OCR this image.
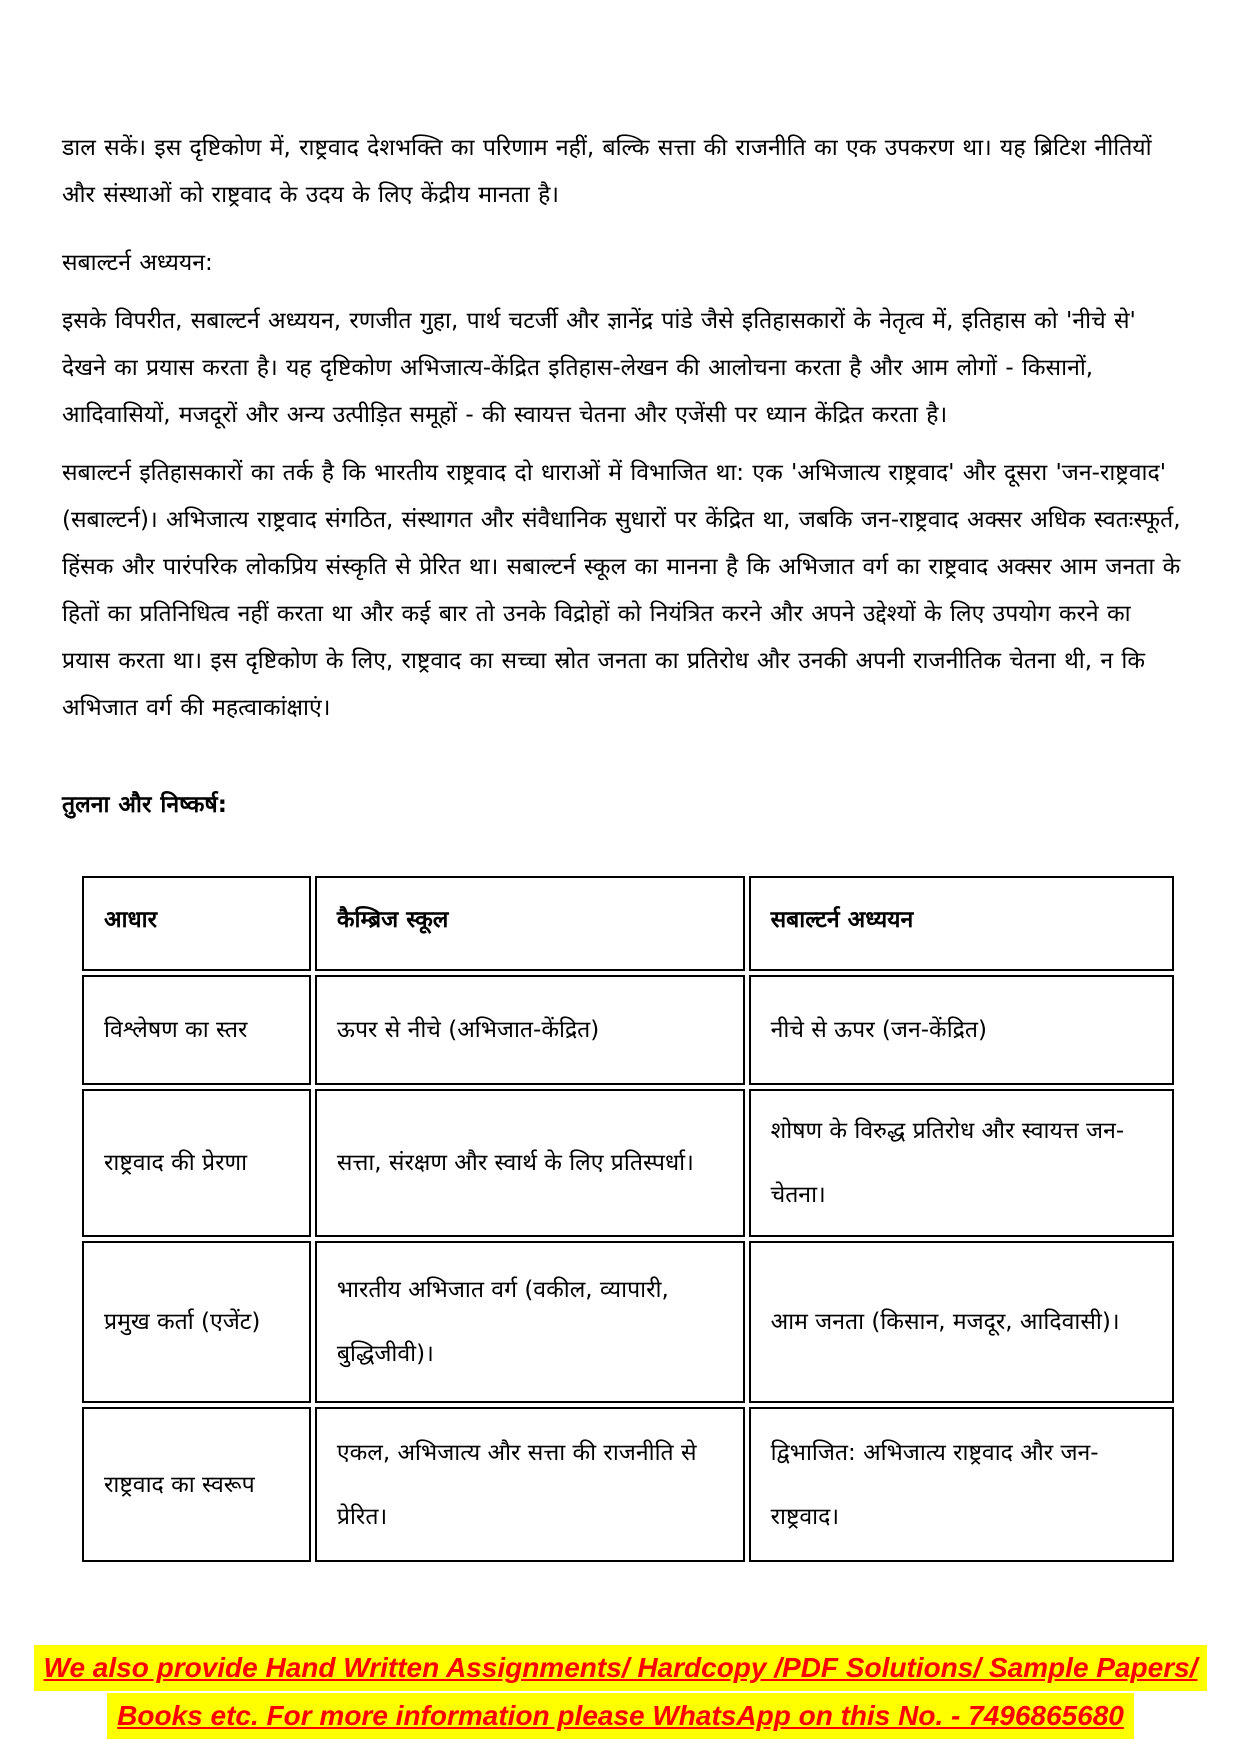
डाल सकें। इस दृष्टिकोण में, राष्ट्रवाद देशभक्ति का परिणाम नहीं, बल्कि सत्ता की राजनीति का एक उपकरण था। यह ब्रिटिश नीतियों और संस्थाओं को राष्ट्रवाद के उदय के लिए केंद्रीय मानता है।
सबाल्टर्न अध्ययन:
इसके विपरीत, सबाल्टर्न अध्ययन, रणजीत गुहा, पार्थ चटर्जी और ज्ञानेंद्र पांडे जैसे इतिहासकारों के नेतृत्व में, इतिहास को 'नीचे से' देखने का प्रयास करता है। यह दृष्टिकोण अभिजात्य-केंद्रित इतिहास-लेखन की आलोचना करता है और आम लोगों - किसानों, आदिवासियों, मजदूरों और अन्य उत्पीड़ित समूहों - की स्वायत्त चेतना और एजेंसी पर ध्यान केंद्रित करता है।
सबाल्टर्न इतिहासकारों का तर्क है कि भारतीय राष्ट्रवाद दो धाराओं में विभाजित था: एक 'अभिजात्य राष्ट्रवाद' और दूसरा 'जन-राष्ट्रवाद' (सबाल्टर्न)। अभिजात्य राष्ट्रवाद संगठित, संस्थागत और संवैधानिक सुधारों पर केंद्रित था, जबकि जन-राष्ट्रवाद अक्सर अधिक स्वतःस्फूर्त, हिंसक और पारंपरिक लोकप्रिय संस्कृति से प्रेरित था। सबाल्टर्न स्कूल का मानना है कि अभिजात वर्ग का राष्ट्रवाद अक्सर आम जनता के हितों का प्रतिनिधित्व नहीं करता था और कई बार तो उनके विद्रोहों को नियंत्रित करने और अपने उद्देश्यों के लिए उपयोग करने का प्रयास करता था। इस दृष्टिकोण के लिए, राष्ट्रवाद का सच्चा स्रोत जनता का प्रतिरोध और उनकी अपनी राजनीतिक चेतना थी, न कि अभिजात वर्ग की महत्वाकांक्षाएं।
तुलना और निष्कर्ष:
आधार	कैम्ब्रिज स्कूल	सबाल्टर्न अध्ययन
विश्लेषण का स्तर	ऊपर से नीचे (अभिजात-केंद्रित)	नीचे से ऊपर (जन-केंद्रित)
राष्ट्रवाद की प्रेरणा	सत्ता, संरक्षण और स्वार्थ के लिए प्रतिस्पर्धा।	शोषण के विरुद्ध प्रतिरोध और स्वायत्त जन-चेतना।
प्रमुख कर्ता (एजेंट)	भारतीय अभिजात वर्ग (वकील, व्यापारी, बुद्धिजीवी)।	आम जनता (किसान, मजदूर, आदिवासी)।
राष्ट्रवाद का स्वरूप	एकल, अभिजात्य और सत्ता की राजनीति से प्रेरित।	द्विभाजित: अभिजात्य राष्ट्रवाद और जन-राष्ट्रवाद।
We also provide Hand Written Assignments/ Hardcopy /PDF Solutions/ Sample Papers/
Books etc. For more information please WhatsApp on this No. - 7496865680
